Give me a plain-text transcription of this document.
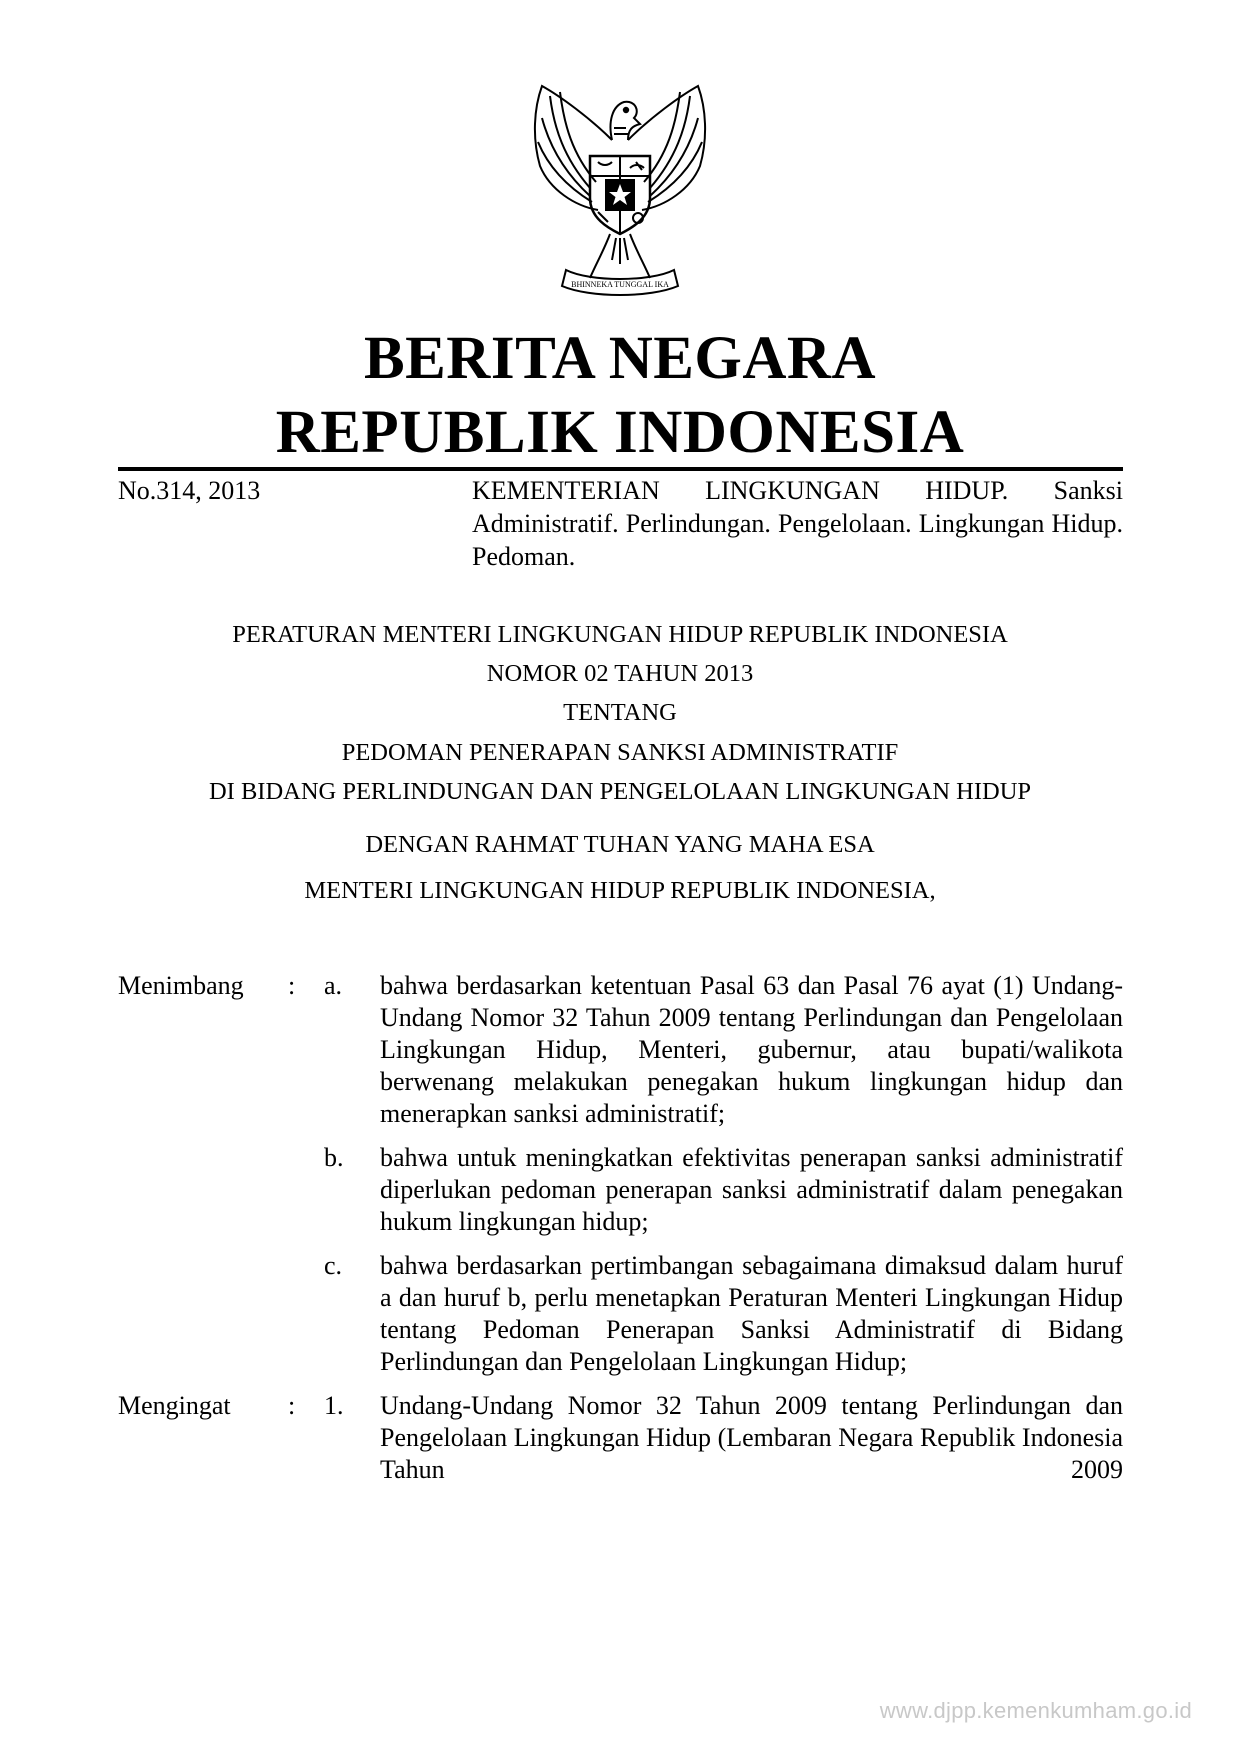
BHINNEKA TUNGGAL IKA
BERITA NEGARA
REPUBLIK INDONESIA
No.314, 2013	KEMENTERIAN LINGKUNGAN HIDUP. Sanksi Administratif. Perlindungan. Pengelolaan. Lingkungan Hidup. Pedoman.
PERATURAN MENTERI LINGKUNGAN HIDUP REPUBLIK INDONESIA
NOMOR 02 TAHUN 2013
TENTANG
PEDOMAN PENERAPAN SANKSI ADMINISTRATIF
DI BIDANG PERLINDUNGAN DAN PENGELOLAAN LINGKUNGAN HIDUP
DENGAN RAHMAT TUHAN YANG MAHA ESA
MENTERI LINGKUNGAN HIDUP REPUBLIK INDONESIA,
Menimbang	: a.	bahwa berdasarkan ketentuan Pasal 63 dan Pasal 76 ayat (1) Undang-Undang Nomor 32 Tahun 2009 tentang Perlindungan dan Pengelolaan Lingkungan Hidup, Menteri, gubernur, atau bupati/walikota berwenang melakukan penegakan hukum lingkungan hidup dan menerapkan sanksi administratif;
b.	bahwa untuk meningkatkan efektivitas penerapan sanksi administratif diperlukan pedoman penerapan sanksi administratif dalam penegakan hukum lingkungan hidup;
c.	bahwa berdasarkan pertimbangan sebagaimana dimaksud dalam huruf a dan huruf b, perlu menetapkan Peraturan Menteri Lingkungan Hidup tentang Pedoman Penerapan Sanksi Administratif di Bidang Perlindungan dan Pengelolaan Lingkungan Hidup;
Mengingat	: 1.	Undang-Undang Nomor 32 Tahun 2009 tentang Perlindungan dan Pengelolaan Lingkungan Hidup (Lembaran Negara Republik Indonesia Tahun 2009
www.djpp.kemenkumham.go.id
